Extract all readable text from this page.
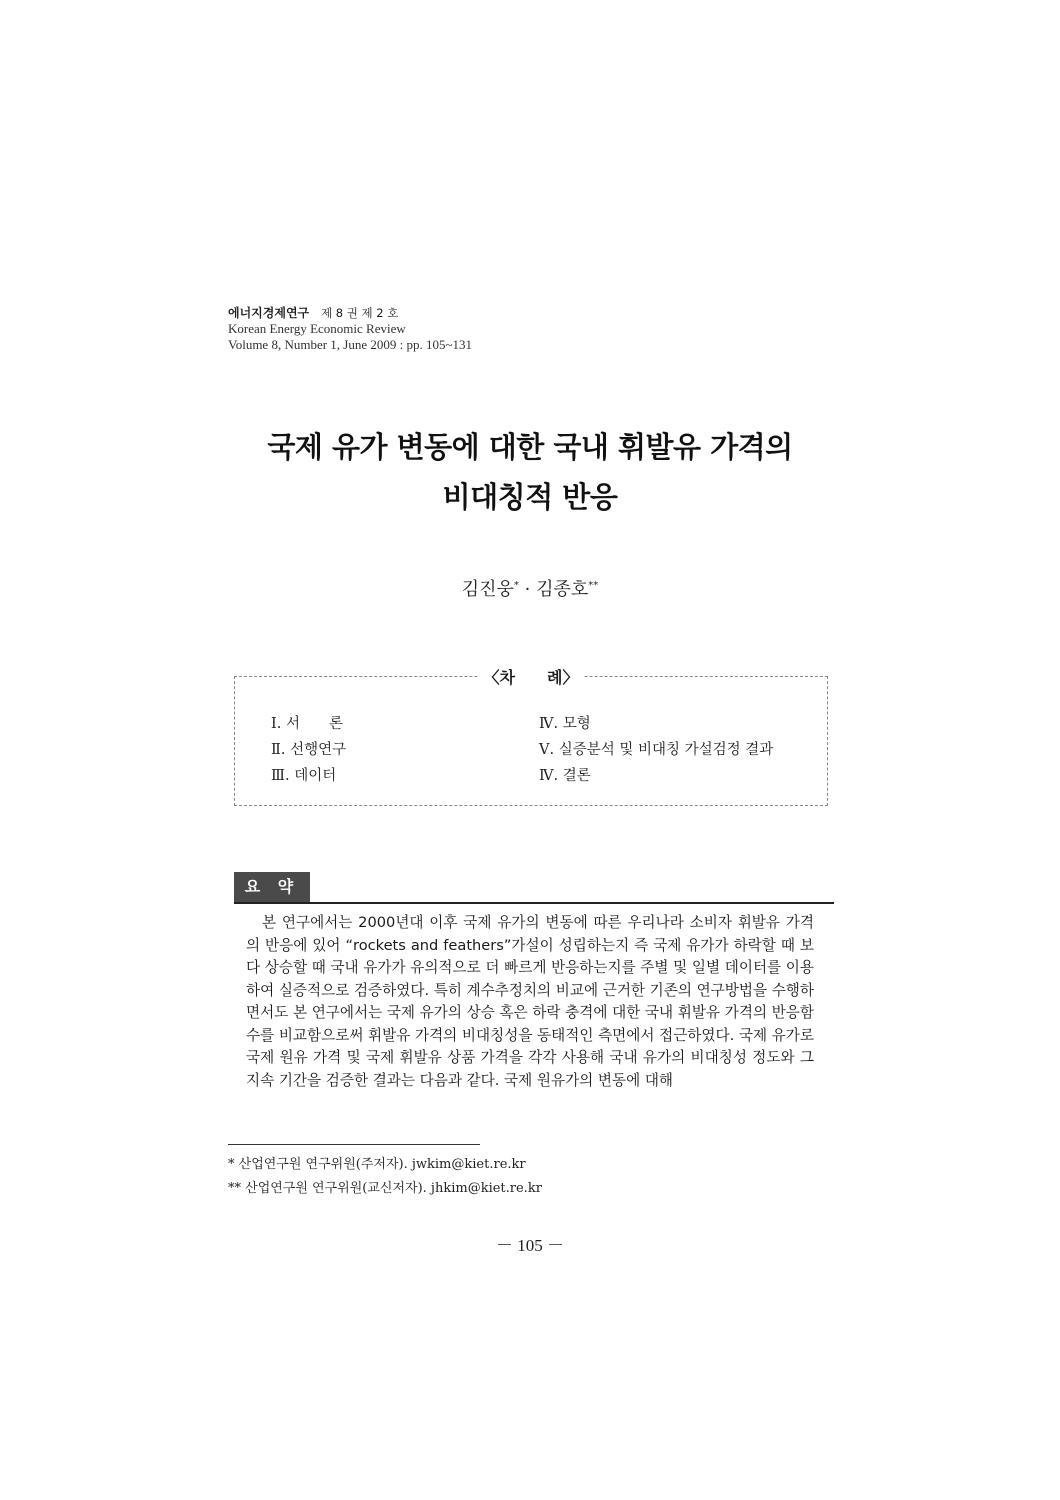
에너지경제연구 제 8 권 제 2 호
Korean Energy Economic Review
Volume 8, Number 1, June 2009 : pp. 105~131
국제 유가 변동에 대한 국내 휘발유 가격의
비대칭적 반응
김진웅* · 김종호**
〈차　　례〉
Ⅰ. 서　　론
Ⅱ. 선행연구
Ⅲ. 데이터
Ⅳ. 모형
Ⅴ. 실증분석 및 비대칭 가설검정 결과
Ⅳ. 결론
요 약

본 연구에서는 2000년대 이후 국제 유가의 변동에 따른 우리나라 소비자 휘발유 가격의 반응에 있어 “rockets and feathers”가설이 성립하는지 즉 국제 유가가 하락할 때 보다 상승할 때 국내 유가가 유의적으로 더 빠르게 반응하는지를 주별 및 일별 데이터를 이용하여 실증적으로 검증하였다. 특히 계수추정치의 비교에 근거한 기존의 연구방법을 수행하면서도 본 연구에서는 국제 유가의 상승 혹은 하락 충격에 대한 국내 휘발유 가격의 반응함수를 비교함으로써 휘발유 가격의 비대칭성을 동태적인 측면에서 접근하였다. 국제 유가로 국제 원유 가격 및 국제 휘발유 상품 가격을 각각 사용해 국내 유가의 비대칭성 정도와 그 지속 기간을 검증한 결과는 다음과 같다. 국제 원유가의 변동에 대해

* 산업연구원 연구위원(주저자). jwkim@kiet.re.kr
** 산업연구원 연구위원(교신저자). jhkim@kiet.re.kr
－ 105 －
